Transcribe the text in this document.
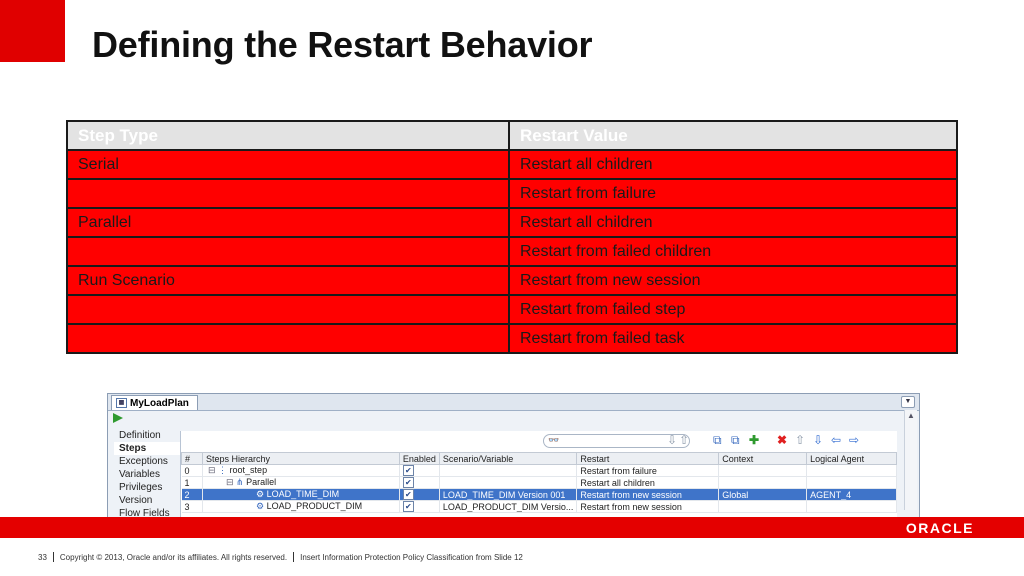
Defining the Restart Behavior
Step Type	Restart Value
Serial	Restart all children
	Restart from failure
Parallel	Restart all children
	Restart from failed children
Run Scenario	Restart from new session
	Restart from failed step
	Restart from failed task
▦ MyLoadPlan	▼
Definition
Steps
Exceptions
Variables
Privileges
Version
Flow Fields
👓	⇩ ⇧ ⧉ ⧉ ✚ ✖ ⇧ ⇩ ⇦ ⇨
#	Steps Hierarchy	Enabled	Scenario/Variable	Restart	Context	Logical Agent
0	⊟ ⋮ root_step	✔		Restart from failure		
1	⊟ ⋔ Parallel	✔		Restart all children		
2	⚙ LOAD_TIME_DIM	✔	LOAD_TIME_DIM Version 001	Restart from new session	Global	AGENT_4
3	⚙ LOAD_PRODUCT_DIM	✔	LOAD_PRODUCT_DIM Versio...	Restart from new session		
▲
ORACLE
33 Copyright © 2013, Oracle and/or its affiliates. All rights reserved. Insert Information Protection Policy Classification from Slide 12
